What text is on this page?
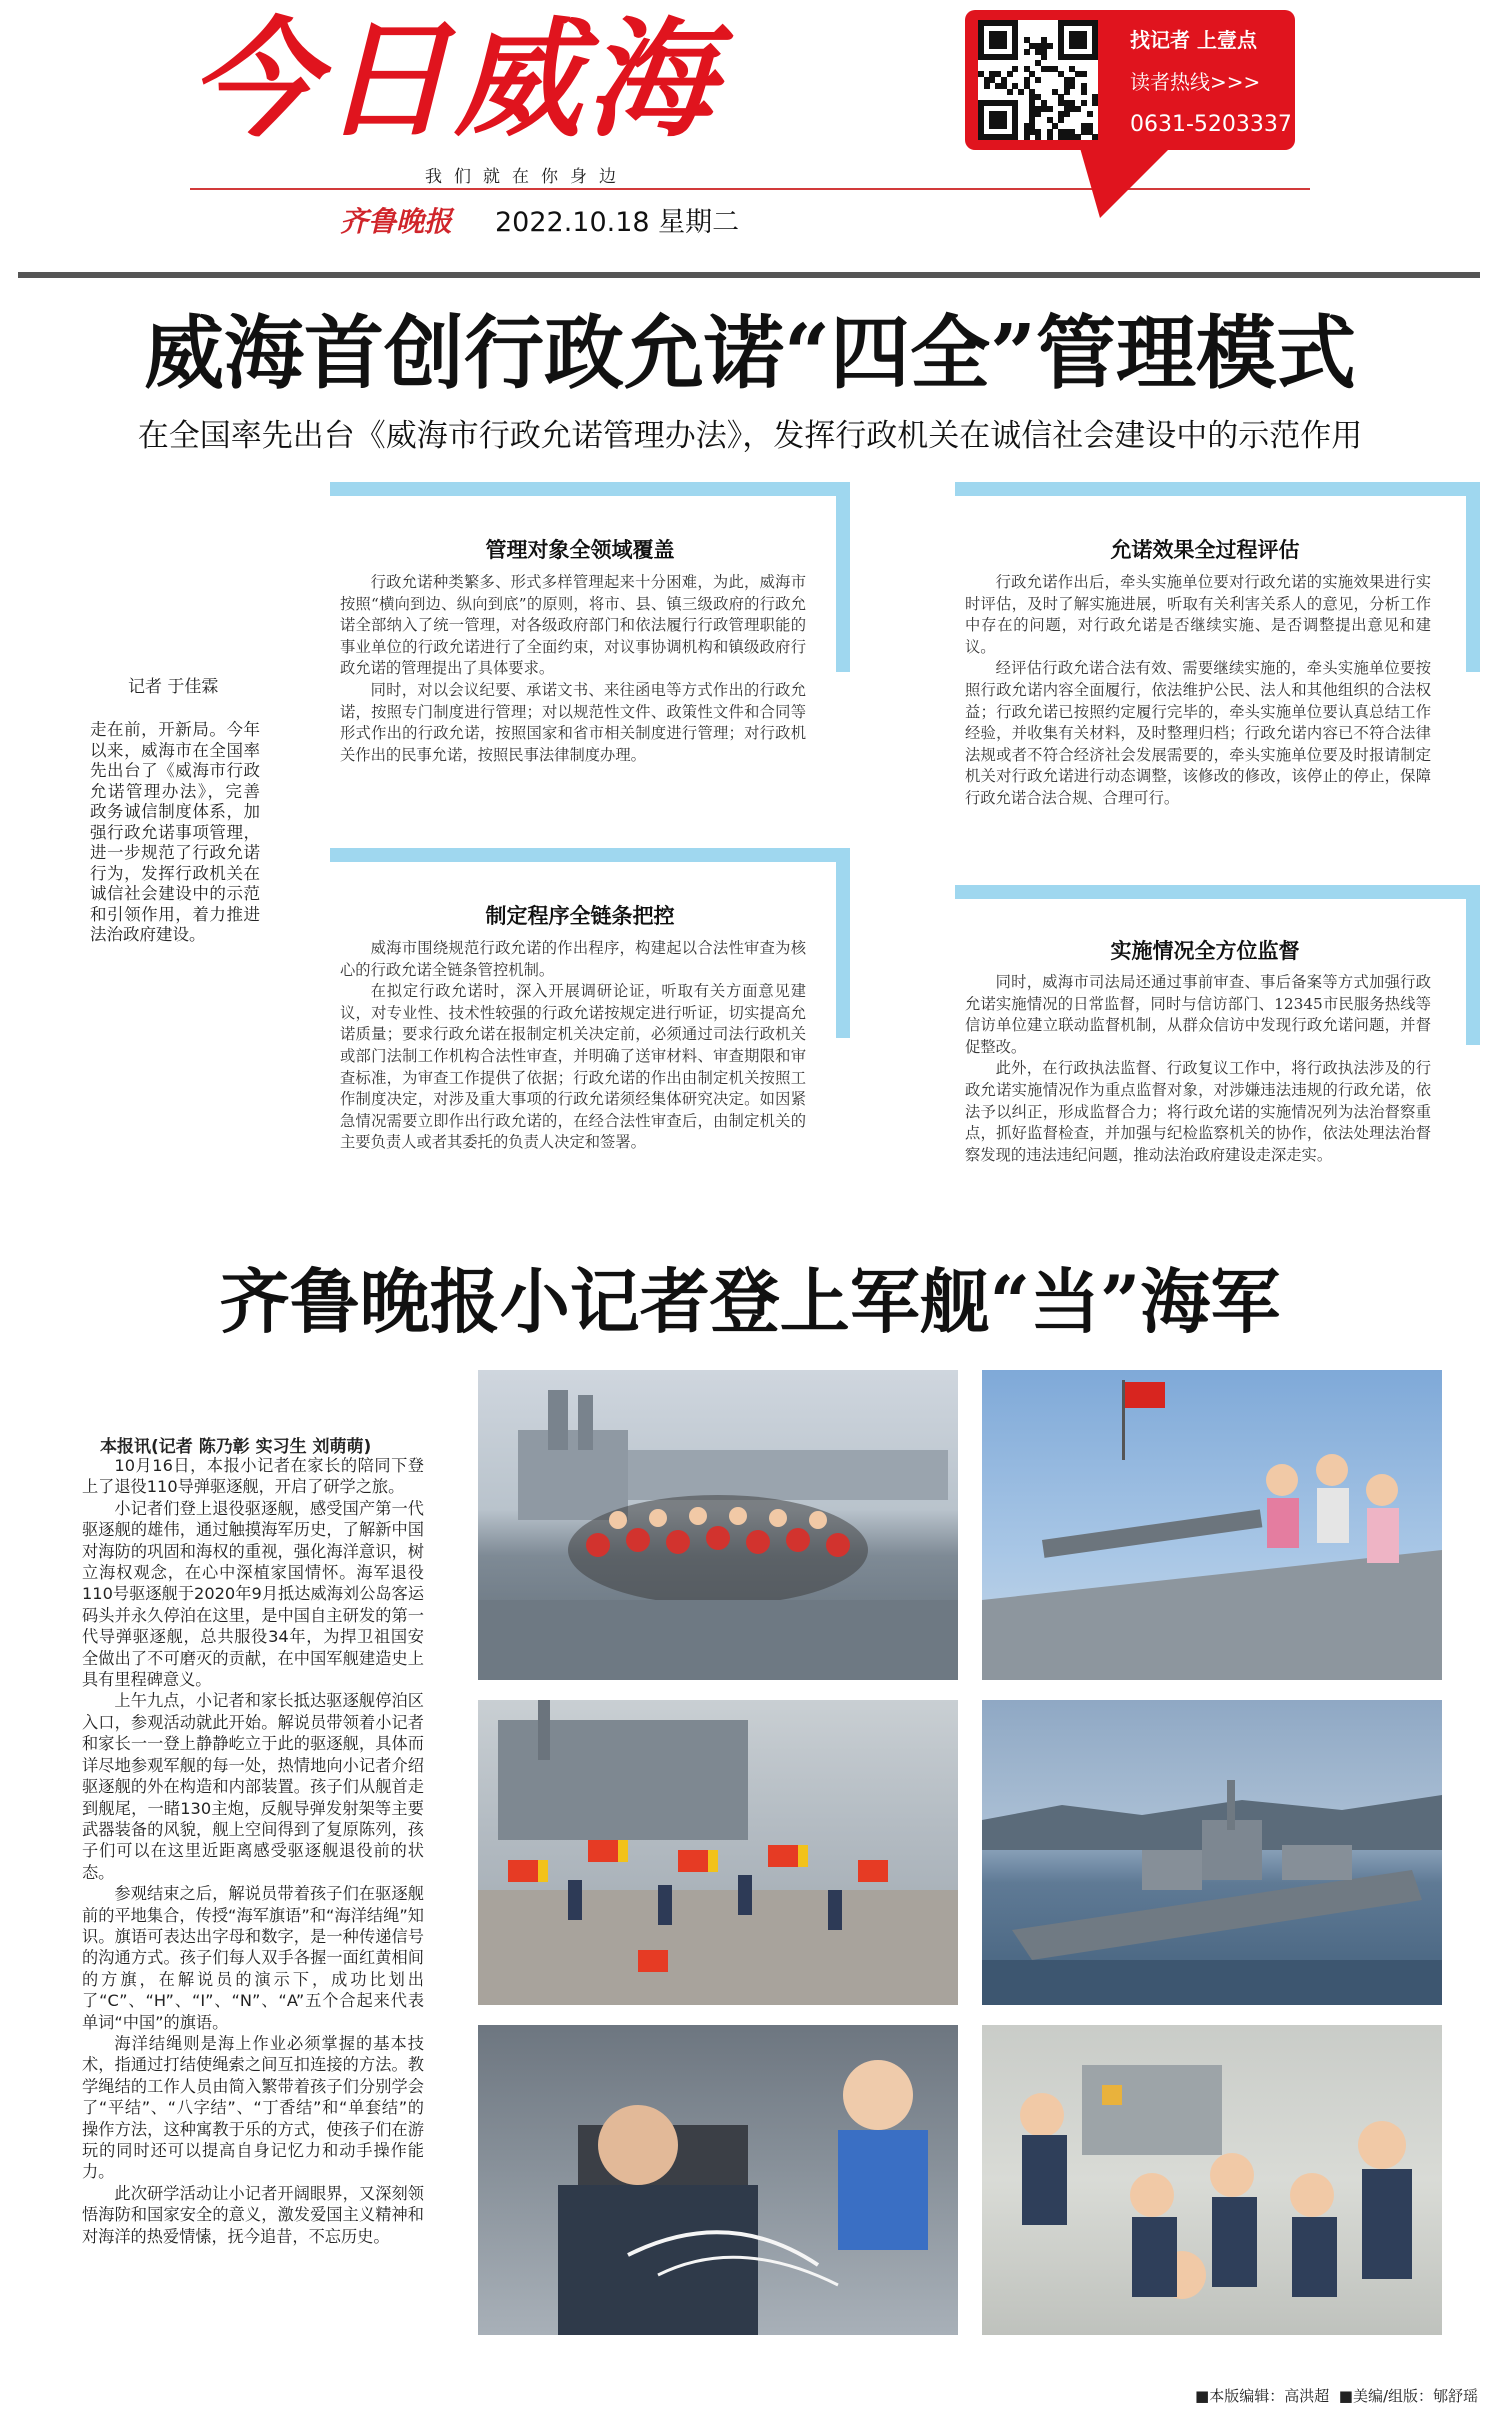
今日威海
我们就在你身边
齐鲁晚报 2022.10.18 星期二
找记者 上壹点
读者热线>>>
0631-5203337
威海首创行政允诺“四全”管理模式
在全国率先出台《威海市行政允诺管理办法》，发挥行政机关在诚信社会建设中的示范作用
记者 于佳霖
走在前，开新局。今年以来，威海市在全国率先出台了《威海市行政允诺管理办法》，完善政务诚信制度体系，加强行政允诺事项管理，进一步规范了行政允诺行为，发挥行政机关在诚信社会建设中的示范和引领作用，着力推进法治政府建设。
管理对象全领域覆盖

行政允诺种类繁多、形式多样管理起来十分困难，为此，威海市按照“横向到边、纵向到底”的原则，将市、县、镇三级政府的行政允诺全部纳入了统一管理，对各级政府部门和依法履行行政管理职能的事业单位的行政允诺进行了全面约束，对议事协调机构和镇级政府行政允诺的管理提出了具体要求。

同时，对以会议纪要、承诺文书、来往函电等方式作出的行政允诺，按照专门制度进行管理；对以规范性文件、政策性文件和合同等形式作出的行政允诺，按照国家和省市相关制度进行管理；对行政机关作出的民事允诺，按照民事法律制度办理。

允诺效果全过程评估

行政允诺作出后，牵头实施单位要对行政允诺的实施效果进行实时评估，及时了解实施进展，听取有关利害关系人的意见，分析工作中存在的问题，对行政允诺是否继续实施、是否调整提出意见和建议。

经评估行政允诺合法有效、需要继续实施的，牵头实施单位要按照行政允诺内容全面履行，依法维护公民、法人和其他组织的合法权益；行政允诺已按照约定履行完毕的，牵头实施单位要认真总结工作经验，并收集有关材料，及时整理归档；行政允诺内容已不符合法律法规或者不符合经济社会发展需要的，牵头实施单位要及时报请制定机关对行政允诺进行动态调整，该修改的修改，该停止的停止，保障行政允诺合法合规、合理可行。

制定程序全链条把控

威海市围绕规范行政允诺的作出程序，构建起以合法性审查为核心的行政允诺全链条管控机制。

在拟定行政允诺时，深入开展调研论证，听取有关方面意见建议，对专业性、技术性较强的行政允诺按规定进行听证，切实提高允诺质量；要求行政允诺在报制定机关决定前，必须通过司法行政机关或部门法制工作机构合法性审查，并明确了送审材料、审查期限和审查标准，为审查工作提供了依据；行政允诺的作出由制定机关按照工作制度决定，对涉及重大事项的行政允诺须经集体研究决定。如因紧急情况需要立即作出行政允诺的，在经合法性审查后，由制定机关的主要负责人或者其委托的负责人决定和签署。

实施情况全方位监督

同时，威海市司法局还通过事前审查、事后备案等方式加强行政允诺实施情况的日常监督，同时与信访部门、12345市民服务热线等信访单位建立联动监督机制，从群众信访中发现行政允诺问题，并督促整改。

此外，在行政执法监督、行政复议工作中，将行政执法涉及的行政允诺实施情况作为重点监督对象，对涉嫌违法违规的行政允诺，依法予以纠正，形成监督合力；将行政允诺的实施情况列为法治督察重点，抓好监督检查，并加强与纪检监察机关的协作，依法处理法治督察发现的违法违纪问题，推动法治政府建设走深走实。

齐鲁晚报小记者登上军舰“当”海军
本报讯(记者 陈乃彰 实习生 刘萌萌)

10月16日，本报小记者在家长的陪同下登上了退役110导弹驱逐舰，开启了研学之旅。

小记者们登上退役驱逐舰，感受国产第一代驱逐舰的雄伟，通过触摸海军历史，了解新中国对海防的巩固和海权的重视，强化海洋意识，树立海权观念，在心中深植家国情怀。海军退役110号驱逐舰于2020年9月抵达威海刘公岛客运码头并永久停泊在这里，是中国自主研发的第一代导弹驱逐舰，总共服役34年，为捍卫祖国安全做出了不可磨灭的贡献，在中国军舰建造史上具有里程碑意义。

上午九点，小记者和家长抵达驱逐舰停泊区入口，参观活动就此开始。解说员带领着小记者和家长一一登上静静屹立于此的驱逐舰，具体而详尽地参观军舰的每一处，热情地向小记者介绍驱逐舰的外在构造和内部装置。孩子们从舰首走到舰尾，一睹130主炮，反舰导弹发射架等主要武器装备的风貌，舰上空间得到了复原陈列，孩子们可以在这里近距离感受驱逐舰退役前的状态。

参观结束之后，解说员带着孩子们在驱逐舰前的平地集合，传授“海军旗语”和“海洋结绳”知识。旗语可表达出字母和数字，是一种传递信号的沟通方式。孩子们每人双手各握一面红黄相间的方旗，在解说员的演示下，成功比划出了“C”、“H”、“I”、“N”、“A”五个合起来代表单词“中国”的旗语。

海洋结绳则是海上作业必须掌握的基本技术，指通过打结使绳索之间互扣连接的方法。教学绳结的工作人员由简入繁带着孩子们分别学会了“平结”、“八字结”、“丁香结”和“单套结”的操作方法，这种寓教于乐的方式，使孩子们在游玩的同时还可以提高自身记忆力和动手操作能力。

此次研学活动让小记者开阔眼界，又深刻领悟海防和国家安全的意义，激发爱国主义精神和对海洋的热爱情愫，抚今追昔，不忘历史。

■本版编辑：高洪超 ■美编/组版：郇舒瑶
